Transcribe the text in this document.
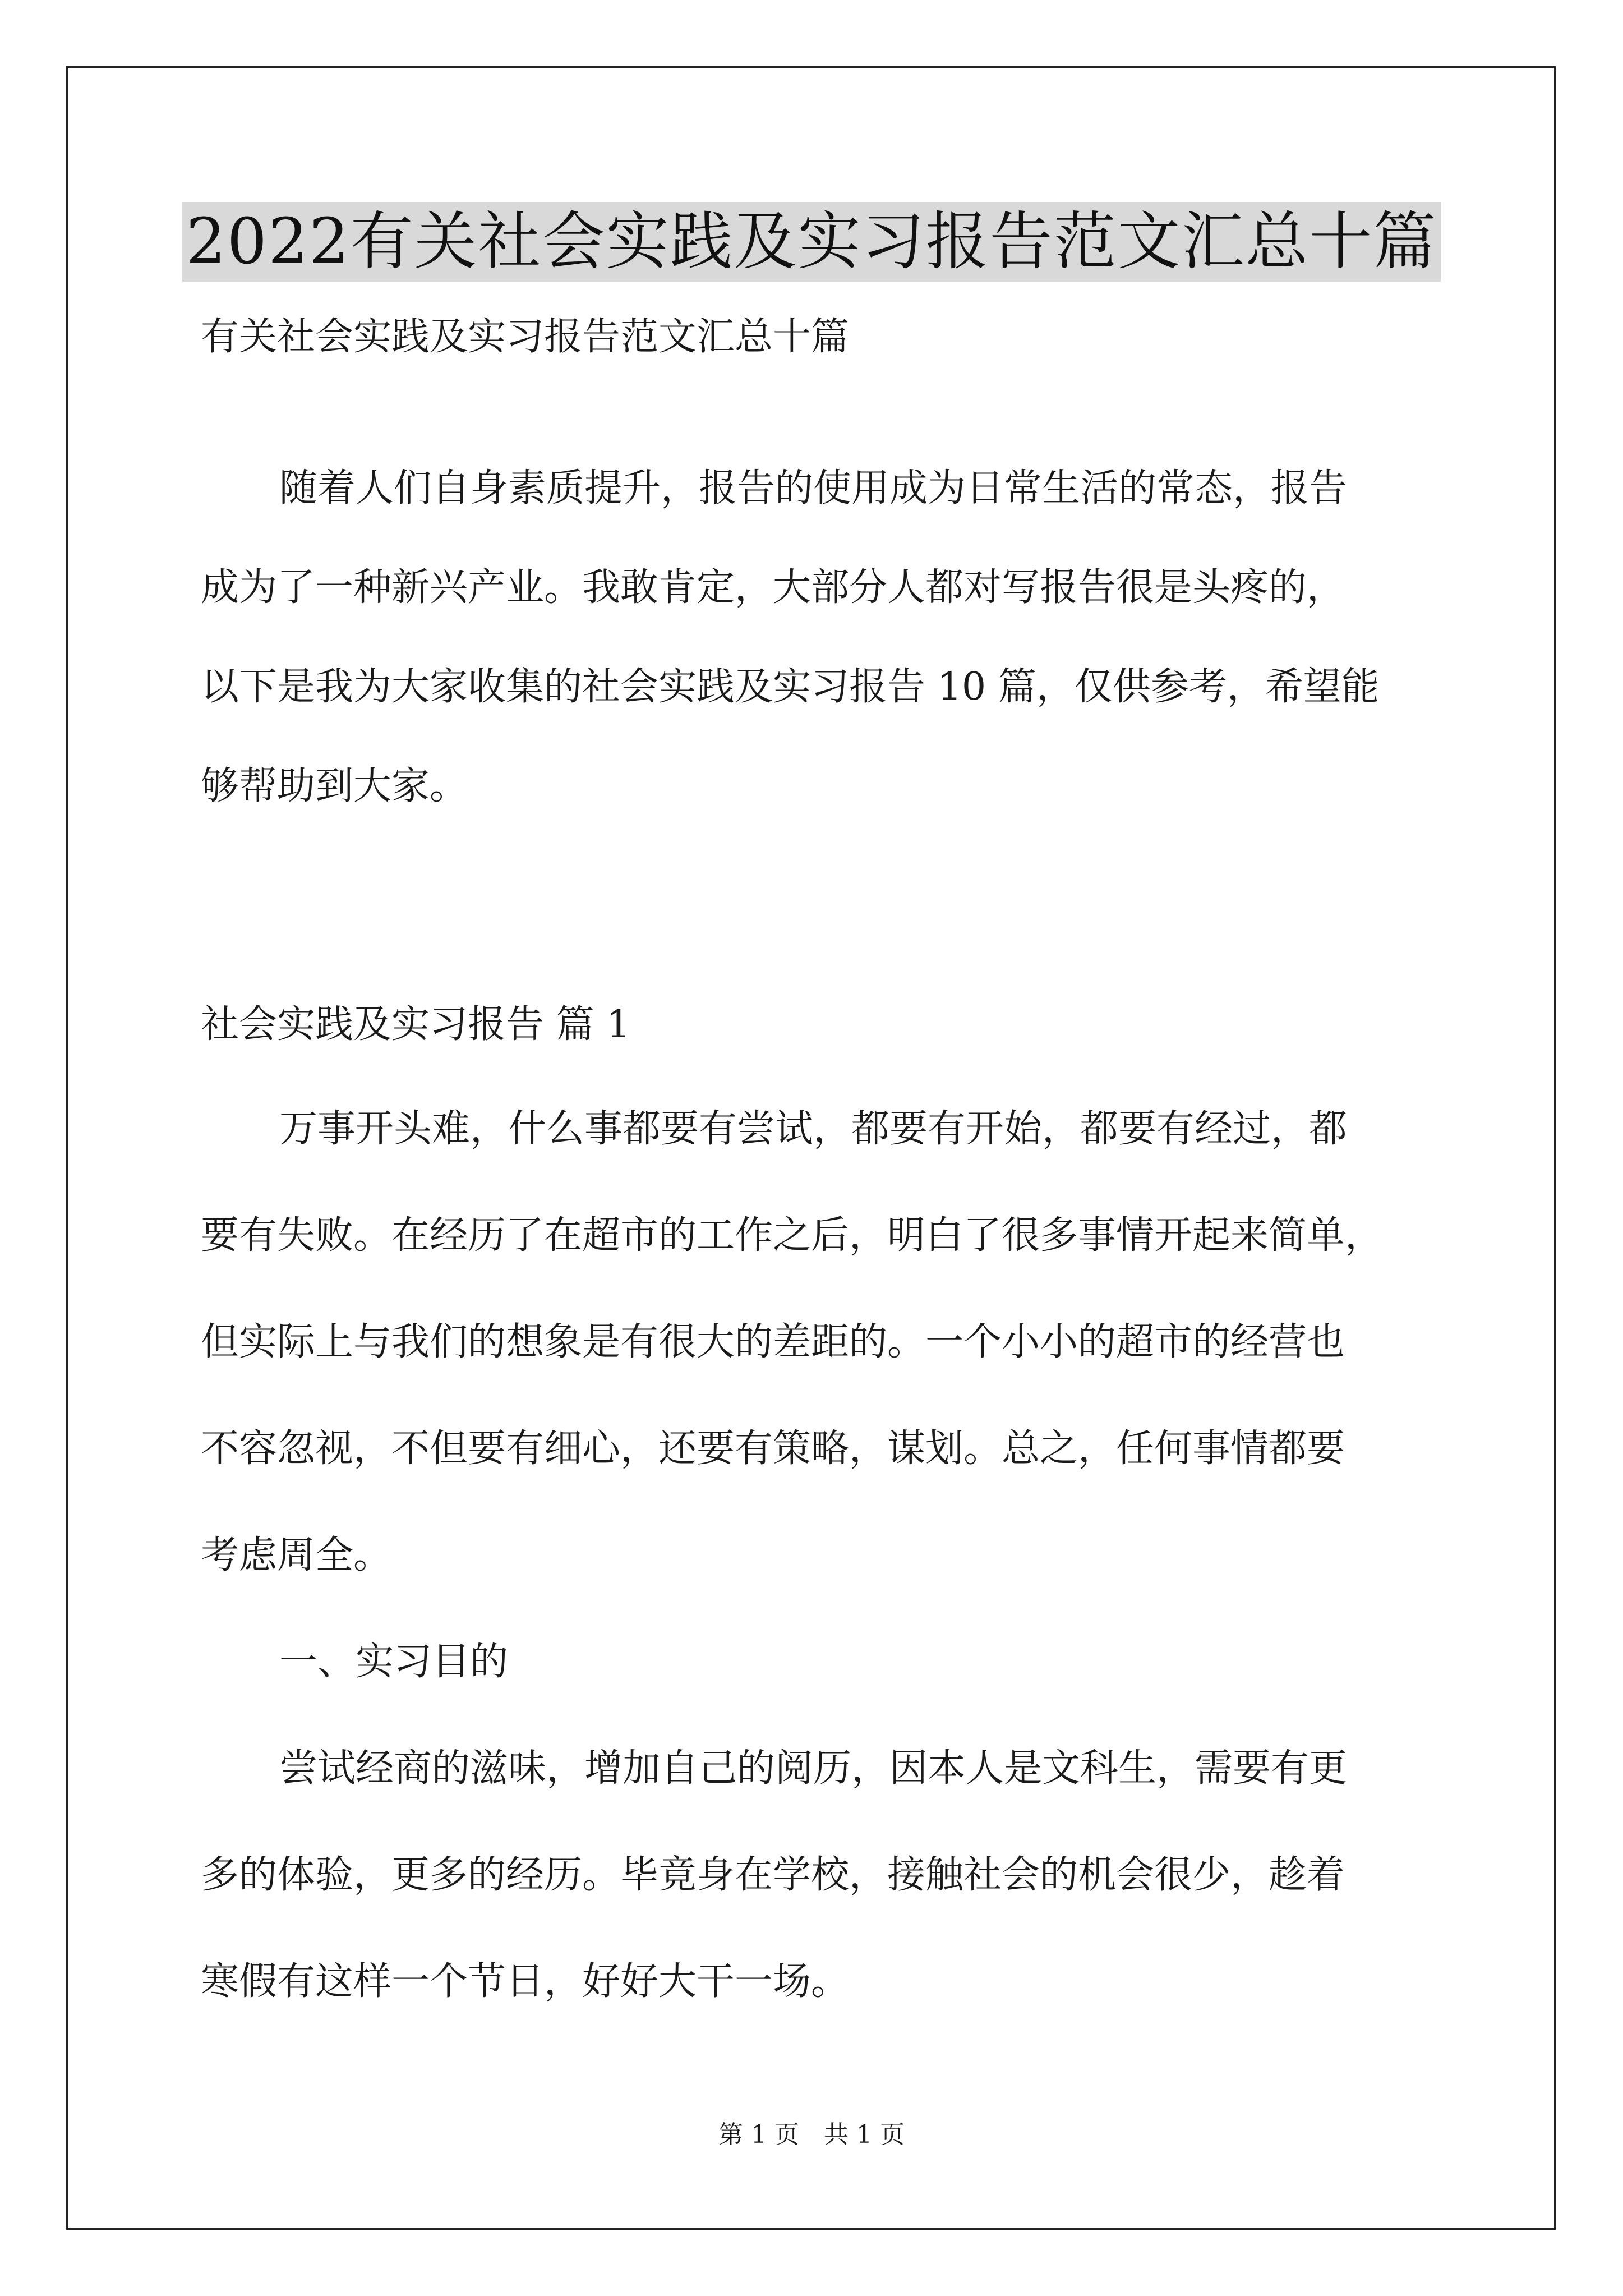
2022有关社会实践及实习报告范文汇总十篇
有关社会实践及实习报告范文汇总十篇
随着人们自身素质提升，报告的使用成为日常生活的常态，报告
成为了一种新兴产业。我敢肯定，大部分人都对写报告很是头疼的，
以下是我为大家收集的社会实践及实习报告 10 篇，仅供参考，希望能
够帮助到大家。
社会实践及实习报告 篇 1
万事开头难，什么事都要有尝试，都要有开始，都要有经过，都
要有失败。在经历了在超市的工作之后，明白了很多事情开起来简单，
但实际上与我们的想象是有很大的差距的。一个小小的超市的经营也
不容忽视，不但要有细心，还要有策略，谋划。总之，任何事情都要
考虑周全。
一、实习目的
尝试经商的滋味，增加自己的阅历，因本人是文科生，需要有更
多的体验，更多的经历。毕竟身在学校，接触社会的机会很少，趁着
寒假有这样一个节日，好好大干一场。
第 1 页　共 1 页
